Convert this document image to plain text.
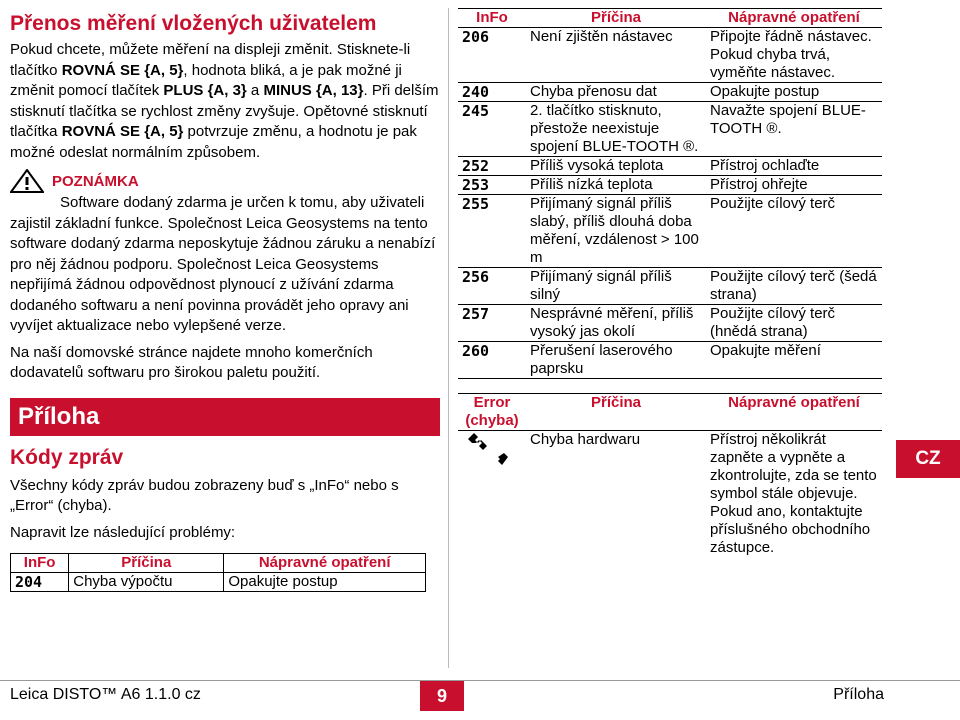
Přenos měření vložených uživatelem

Pokud chcete, můžete měření na displeji změnit. Stisknete-li tlačítko ROVNÁ SE {A, 5}, hodnota bliká, a je pak možné ji změnit pomocí tlačítek PLUS {A, 3} a MINUS {A, 13}. Při delším stisknutí tlačítka se rychlost změny zvyšuje. Opětovné stisknutí tlačítka ROVNÁ SE {A, 5} potvrzuje změnu, a hodnotu je pak možné odeslat normálním způsobem.

POZNÁMKA

Software dodaný zdarma je určen k tomu, aby uživateli zajistil základní funkce. Společnost Leica Geosystems na tento software dodaný zdarma neposkytuje žádnou záruku a nenabízí pro něj žádnou podporu. Společnost Leica Geosystems nepřijímá žádnou odpovědnost plynoucí z užívání zdarma dodaného softwaru a není povinna provádět jeho opravy ani vyvíjet aktualizace nebo vylepšené verze.

Na naší domovské stránce najdete mnoho komerčních dodavatelů softwaru pro širokou paletu použití.

Příloha
Kódy zpráv

Všechny kódy zpráv budou zobrazeny buď s „InFo“ nebo s „Error“ (chyba).

Napravit lze následující problémy:

InFo	Příčina	Nápravné opatření
204	Chyba výpočtu	Opakujte postup
InFo	Příčina	Nápravné opatření
206	Není zjištěn nástavec	Připojte řádně nástavec. Pokud chyba trvá, vyměňte nástavec.
240	Chyba přenosu dat	Opakujte postup
245	2. tlačítko stisknuto, přestože neexistuje spojení BLUE-TOOTH ®.	Navažte spojení BLUE-TOOTH ®.
252	Příliš vysoká teplota	Přístroj ochlaďte
253	Příliš nízká teplota	Přístroj ohřejte
255	Přijímaný signál příliš slabý, příliš dlouhá doba měření, vzdálenost > 100 m	Použijte cílový terč
256	Přijímaný signál příliš silný	Použijte cílový terč (šedá strana)
257	Nesprávné měření, příliš vysoký jas okolí	Použijte cílový terč (hnědá strana)
260	Přerušení laserového paprsku	Opakujte měření
Error (chyba)	Příčina	Nápravné opatření
	Chyba hardwaru	Přístroj několikrát zapněte a vypněte a zkontrolujte, zda se tento symbol stále objevuje. Pokud ano, kontaktujte příslušného obchodního zástupce.
CZ
Leica DISTO™ A6 1.1.0 cz	9	Příloha
